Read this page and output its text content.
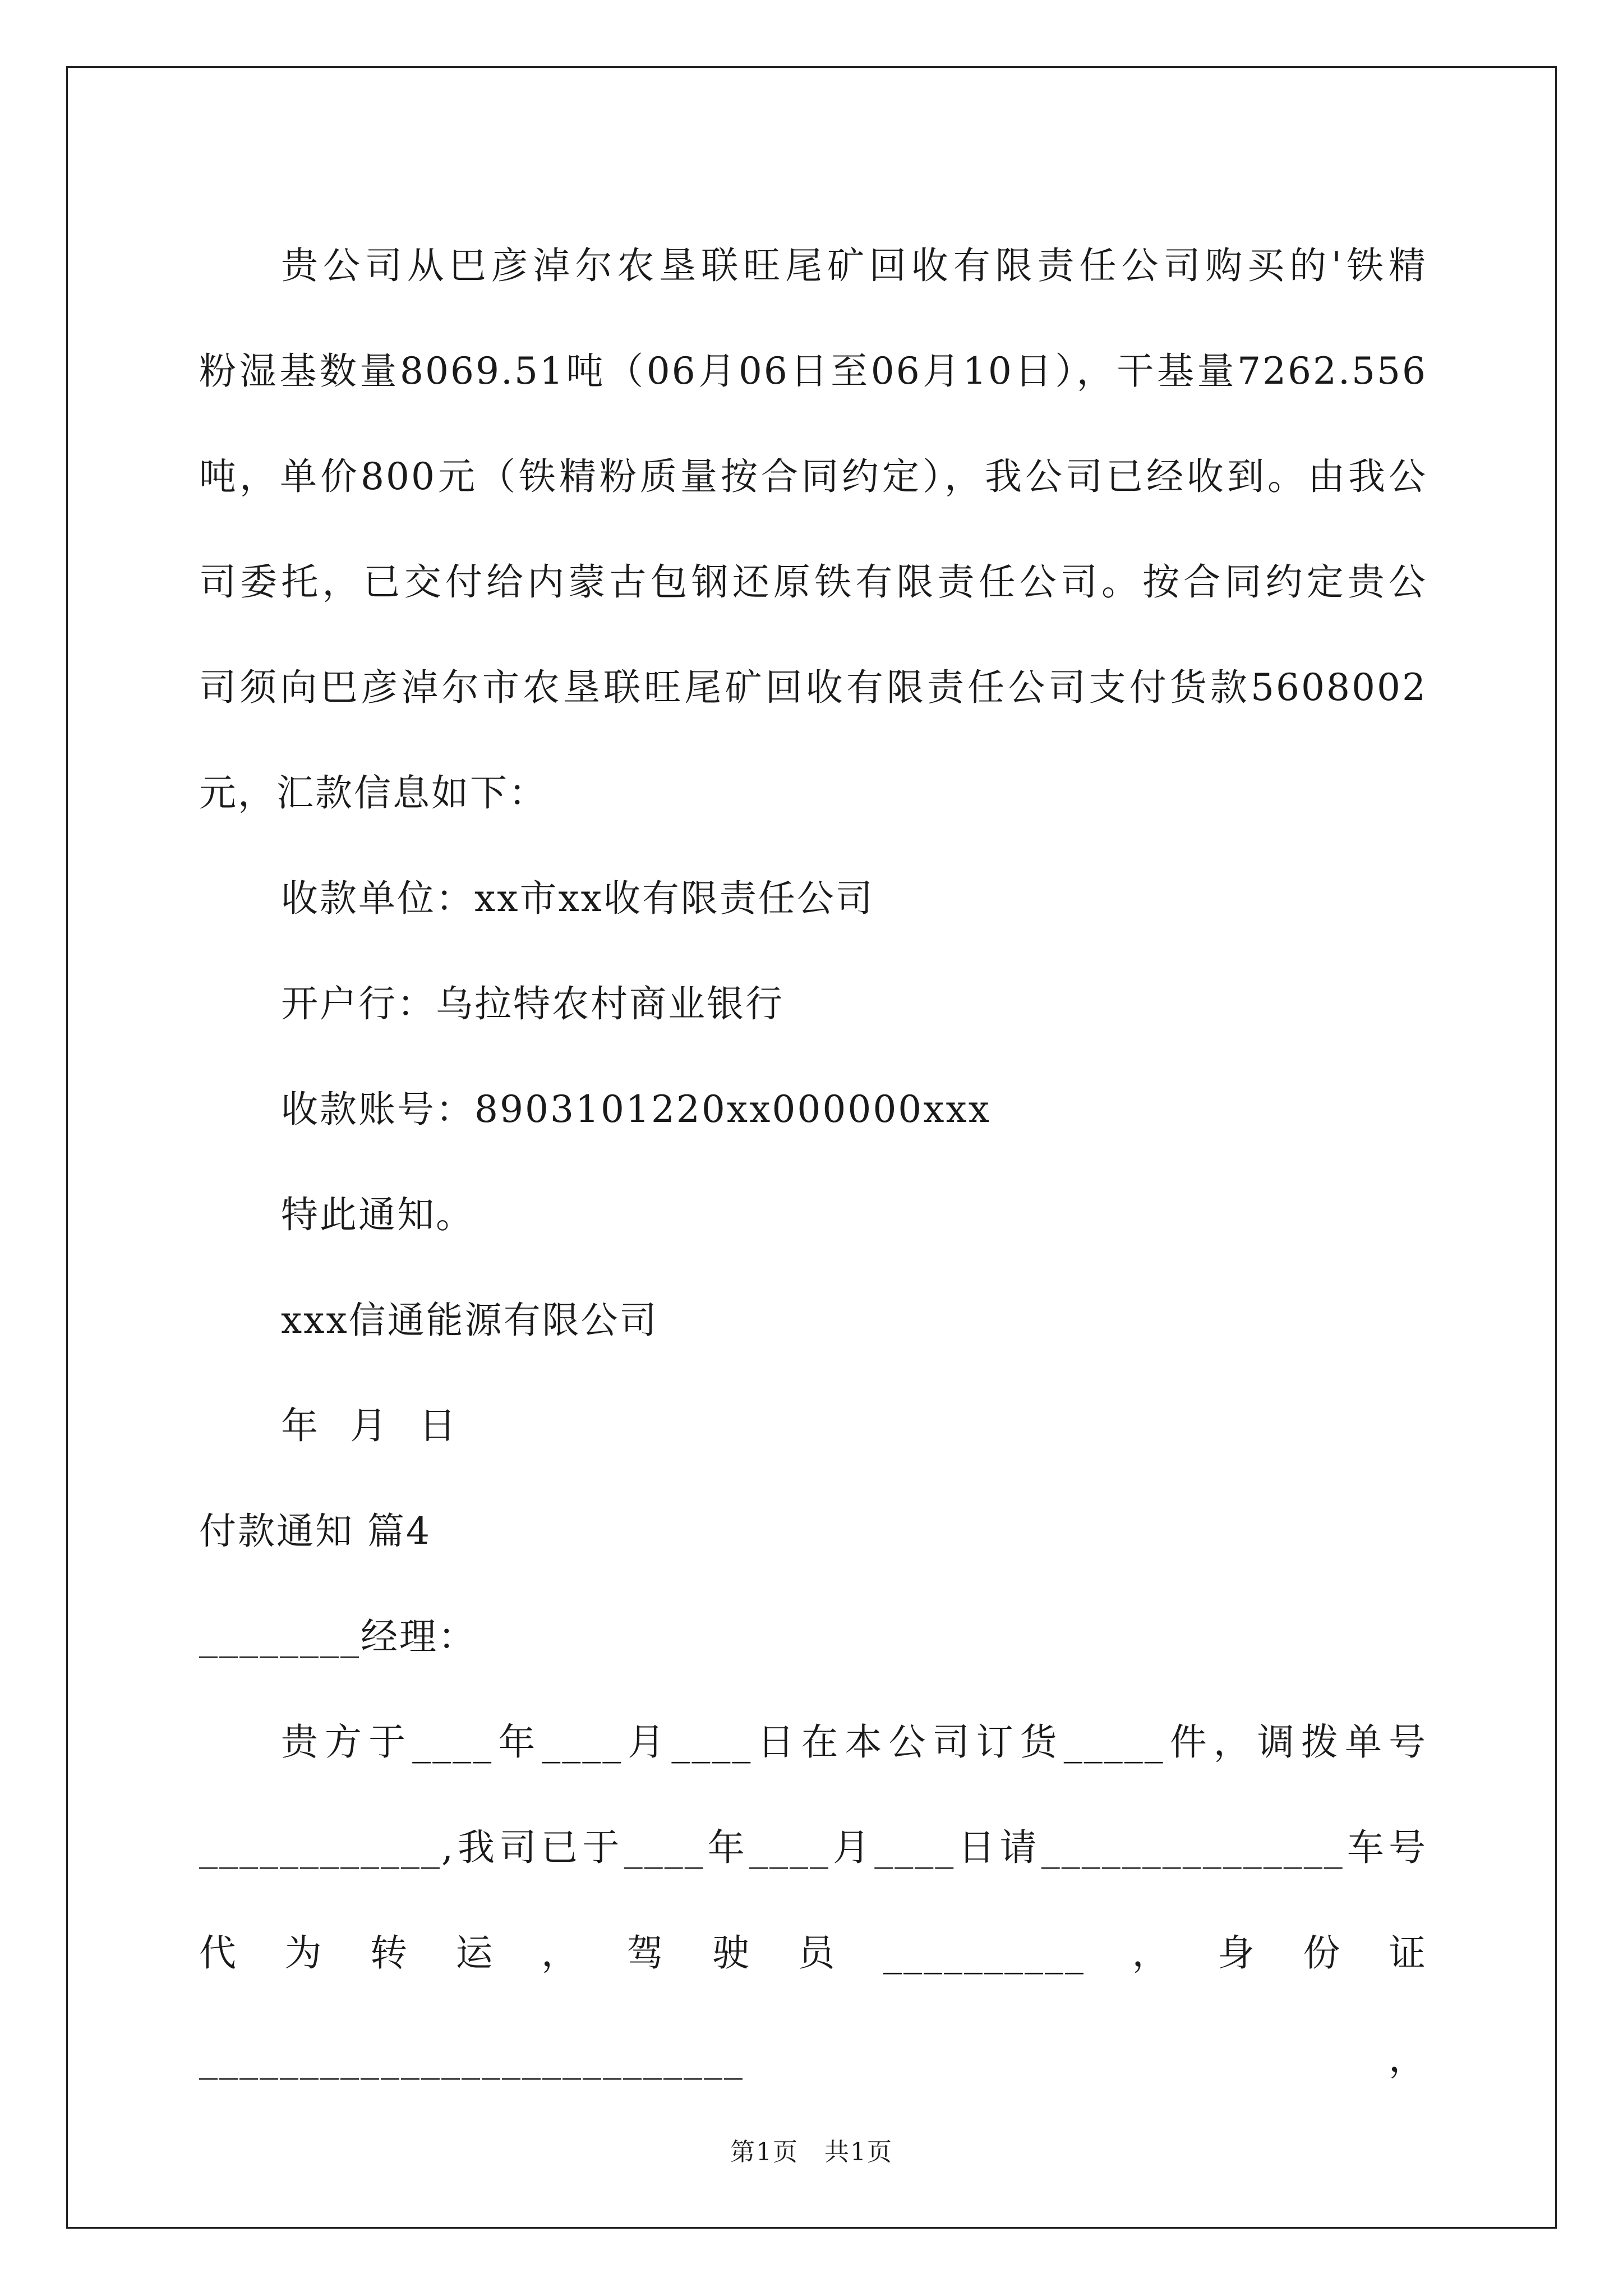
贵公司从巴彦淖尔农垦联旺尾矿回收有限责任公司购买的'铁精
粉湿基数量8069.51吨（06月06日至06月10日），干基量7262.556
吨，单价800元（铁精粉质量按合同约定），我公司已经收到。由我公
司委托，已交付给内蒙古包钢还原铁有限责任公司。按合同约定贵公
司须向巴彦淖尔市农垦联旺尾矿回收有限责任公司支付货款5608002
元，汇款信息如下：
收款单位：xx市xx收有限责任公司
开户行：乌拉特农村商业银行
收款账号：8903101220xx000000xxx
特此通知。
xxx信通能源有限公司
年 月 日
付款通知 篇4
________经理：
贵方于____年____月____日在本公司订货_____件，调拨单号
____________,我司已于____年____月____日请_______________车号
代为转运，驾驶员__________，身份证___________________________，
第1页　共1页
